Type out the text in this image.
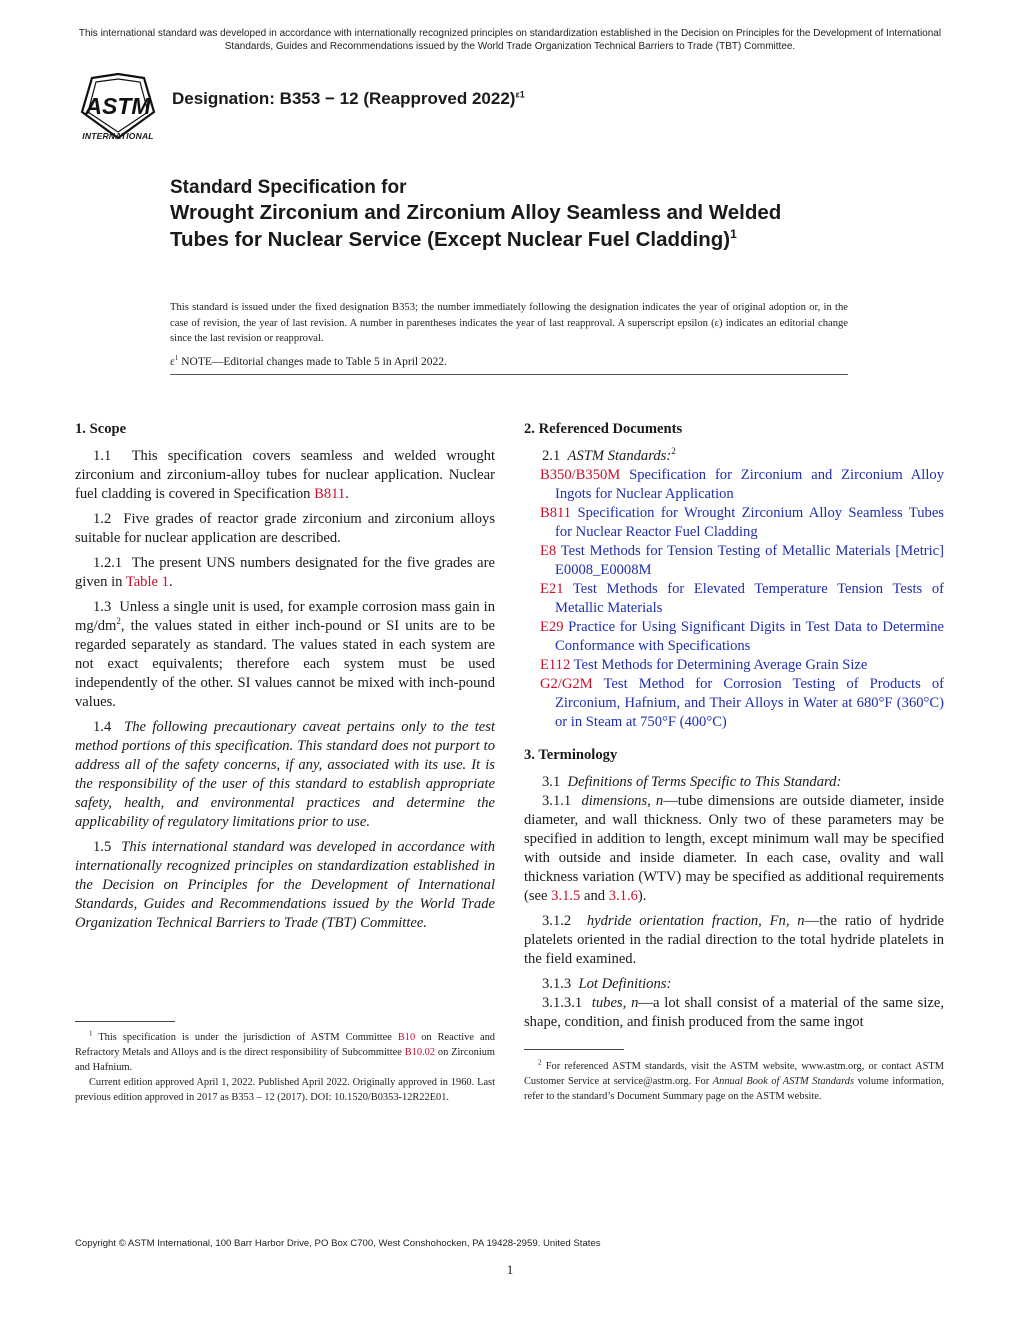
This international standard was developed in accordance with internationally recognized principles on standardization established in the Decision on Principles for the Development of International Standards, Guides and Recommendations issued by the World Trade Organization Technical Barriers to Trade (TBT) Committee.
ASTM
INTERNATIONAL
Designation: B353 − 12 (Reapproved 2022)$^{\varepsilon 1}$
Standard Specification for
Wrought Zirconium and Zirconium Alloy Seamless and Welded Tubes for Nuclear Service (Except Nuclear Fuel Cladding)$^1$
This standard is issued under the fixed designation B353; the number immediately following the designation indicates the year of original adoption or, in the case of revision, the year of last revision. A number in parentheses indicates the year of last reapproval. A superscript epsilon (ε) indicates an editorial change since the last revision or reapproval.
$\varepsilon^1$ NOTE—Editorial changes made to Table 5 in April 2022.

1. Scope

1.1 This specification covers seamless and welded wrought zirconium and zirconium-alloy tubes for nuclear application. Nuclear fuel cladding is covered in Specification B811.

1.2 Five grades of reactor grade zirconium and zirconium alloys suitable for nuclear application are described.

1.2.1 The present UNS numbers designated for the five grades are given in Table 1.

1.3 Unless a single unit is used, for example corrosion mass gain in $mg/dm^2$, the values stated in either inch-pound or SI units are to be regarded separately as standard. The values stated in each system are not exact equivalents; therefore each system must be used independently of the other. SI values cannot be mixed with inch-pound values.

1.4 The following precautionary caveat pertains only to the test method portions of this specification. This standard does not purport to address all of the safety concerns, if any, associated with its use. It is the responsibility of the user of this standard to establish appropriate safety, health, and environmental practices and determine the applicability of regulatory limitations prior to use.

1.5 This international standard was developed in accordance with internationally recognized principles on standardization established in the Decision on Principles for the Development of International Standards, Guides and Recommendations issued by the World Trade Organization Technical Barriers to Trade (TBT) Committee.

2. Referenced Documents

2.1 ASTM Standards:$^2$

B350/B350M Specification for Zirconium and Zirconium Alloy Ingots for Nuclear Application

B811 Specification for Wrought Zirconium Alloy Seamless Tubes for Nuclear Reactor Fuel Cladding

E8 Test Methods for Tension Testing of Metallic Materials [Metric] E0008_E0008M

E21 Test Methods for Elevated Temperature Tension Tests of Metallic Materials

E29 Practice for Using Significant Digits in Test Data to Determine Conformance with Specifications

E112 Test Methods for Determining Average Grain Size

G2/G2M Test Method for Corrosion Testing of Products of Zirconium, Hafnium, and Their Alloys in Water at 680°F (360°C) or in Steam at 750°F (400°C)

3. Terminology

3.1 Definitions of Terms Specific to This Standard:

3.1.1 dimensions, n—tube dimensions are outside diameter, inside diameter, and wall thickness. Only two of these parameters may be specified in addition to length, except minimum wall may be specified with outside and inside diameter. In each case, ovality and wall thickness variation (WTV) may be specified as additional requirements (see 3.1.5 and 3.1.6).

3.1.2 hydride orientation fraction, Fn, n—the ratio of hydride platelets oriented in the radial direction to the total hydride platelets in the field examined.

3.1.3 Lot Definitions:

3.1.3.1 tubes, n—a lot shall consist of a material of the same size, shape, condition, and finish produced from the same ingot

$^1$ This specification is under the jurisdiction of ASTM Committee B10 on Reactive and Refractory Metals and Alloys and is the direct responsibility of Subcommittee B10.02 on Zirconium and Hafnium.

Current edition approved April 1, 2022. Published April 2022. Originally approved in 1960. Last previous edition approved in 2017 as B353 – 12 (2017). DOI: 10.1520/B0353-12R22E01.

$^2$ For referenced ASTM standards, visit the ASTM website, www.astm.org, or contact ASTM Customer Service at service@astm.org. For Annual Book of ASTM Standards volume information, refer to the standard’s Document Summary page on the ASTM website.

Copyright © ASTM International, 100 Barr Harbor Drive, PO Box C700, West Conshohocken, PA 19428-2959. United States
1
